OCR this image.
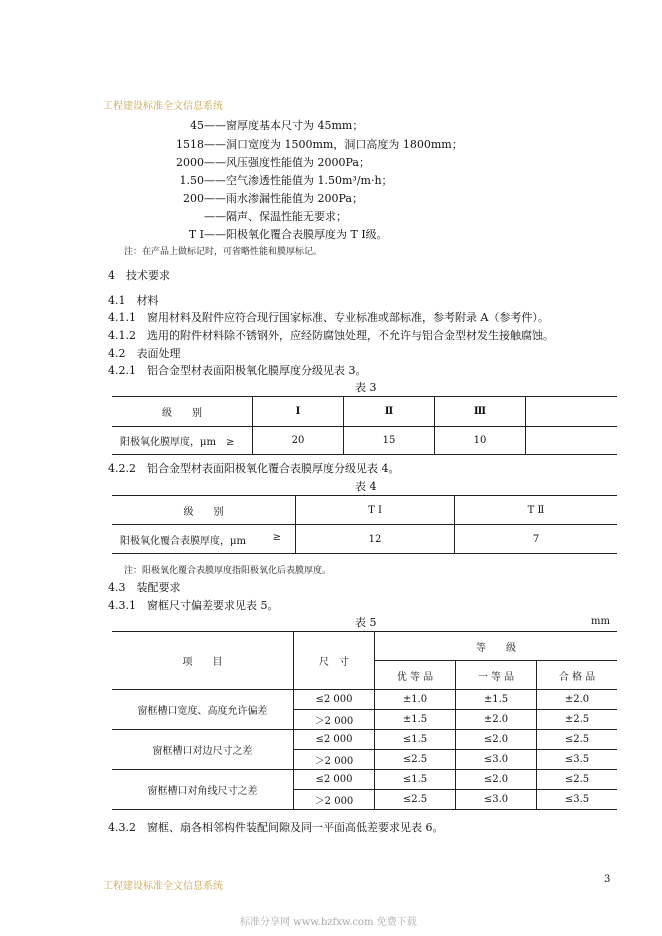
工程建设标准全文信息系统
45——窗厚度基本尺寸为 45mm；
1518——洞口宽度为 1500mm，洞口高度为 1800mm；
2000——风压强度性能值为 2000Pa；
1.50——空气渗透性能值为 1.50m³/m·h；
200——雨水渗漏性能值为 200Pa；
——隔声、保温性能无要求；
T Ⅰ——阳极氧化覆合表膜厚度为 T Ⅰ级。
注：在产品上做标记时，可省略性能和膜厚标记。
4　技术要求
4.1　材料
4.1.1　窗用材料及附件应符合现行国家标准、专业标准或部标准，参考附录 A（参考件）。
4.1.2　选用的附件材料除不锈钢外，应经防腐蚀处理，不允许与铝合金型材发生接触腐蚀。
4.2　表面处理
4.2.1　铝合金型材表面阳极氧化膜厚度分级见表 3。
表 3
级　　别	Ⅰ	Ⅱ	Ⅲ	
阳极氧化膜厚度，μm　≥	20	15	10	
4.2.2　铝合金型材表面阳极氧化覆合表膜厚度分级见表 4。
表 4
级　　别	T Ⅰ	T Ⅱ
阳极氧化覆合表膜厚度，μm ≥	12	7
注：阳极氧化覆合表膜厚度指阳极氧化后表膜厚度。
4.3　装配要求
4.3.1　窗框尺寸偏差要求见表 5。
表 5	mm
项　　目	尺　寸	等　　级		
		优 等 品	一 等 品	合 格 品
窗框槽口宽度、高度允许偏差	≤2 000	±1.0	±1.5	±2.0
	＞2 000	±1.5	±2.0	±2.5
窗框槽口对边尺寸之差	≤2 000	≤1.5	≤2.0	≤2.5
	＞2 000	≤2.5	≤3.0	≤3.5
窗框槽口对角线尺寸之差	≤2 000	≤1.5	≤2.0	≤2.5
	＞2 000	≤2.5	≤3.0	≤3.5
4.3.2　窗框、扇各相邻构件装配间隙及同一平面高低差要求见表 6。
工程建设标准全文信息系统
3
标准分享网 www.bzfxw.com 免费下载
